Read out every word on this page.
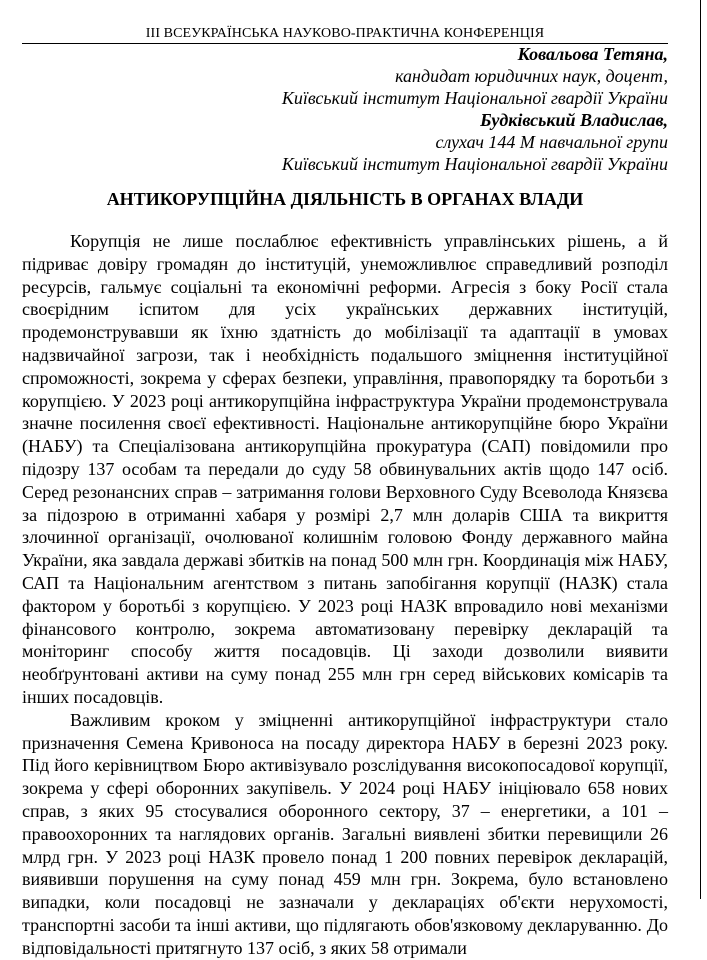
ІІІ ВСЕУКРАЇНСЬКА НАУКОВО-ПРАКТИЧНА КОНФЕРЕНЦІЯ
Ковальова Тетяна,
кандидат юридичних наук, доцент,
Київський інститут Національної гвардії України
Будківський Владислав,
слухач 144 М навчальної групи
Київський інститут Національної гвардії України
АНТИКОРУПЦІЙНА ДІЯЛЬНІСТЬ В ОРГАНАХ ВЛАДИ

Корупція не лише послаблює ефективність управлінських рішень, а й підриває довіру громадян до інституцій, унеможливлює справедливий розподіл ресурсів, гальмує соціальні та економічні реформи. Агресія з боку Росії стала своєрідним іспитом для усіх українських державних інституцій, продемонструвавши як їхню здатність до мобілізації та адаптації в умовах надзвичайної загрози, так і необхідність подальшого зміцнення інституційної спроможності, зокрема у сферах безпеки, управління, правопорядку та боротьби з корупцією. У 2023 році антикорупційна інфраструктура України продемонструвала значне посилення своєї ефективності. Національне антикорупційне бюро України (НАБУ) та Спеціалізована антикорупційна прокуратура (САП) повідомили про підозру 137 особам та передали до суду 58 обвинувальних актів щодо 147 осіб. Серед резонансних справ – затримання голови Верховного Суду Всеволода Князєва за підозрою в отриманні хабаря у розмірі 2,7 млн доларів США та викриття злочинної організації, очолюваної колишнім головою Фонду державного майна України, яка завдала державі збитків на понад 500 млн грн. Координація між НАБУ, САП та Національним агентством з питань запобігання корупції (НАЗК) стала фактором у боротьбі з корупцією. У 2023 році НАЗК впровадило нові механізми фінансового контролю, зокрема автоматизовану перевірку декларацій та моніторинг способу життя посадовців. Ці заходи дозволили виявити необґрунтовані активи на суму понад 255 млн грн серед військових комісарів та інших посадовців.

Важливим кроком у зміцненні антикорупційної інфраструктури стало призначення Семена Кривоноса на посаду директора НАБУ в березні 2023 року. Під його керівництвом Бюро активізувало розслідування високопосадової корупції, зокрема у сфері оборонних закупівель. У 2024 році НАБУ ініціювало 658 нових справ, з яких 95 стосувалися оборонного сектору, 37 – енергетики, а 101 – правоохоронних та наглядових органів. Загальні виявлені збитки перевищили 26 млрд грн. У 2023 році НАЗК провело понад 1 200 повних перевірок декларацій, виявивши порушення на суму понад 459 млн грн. Зокрема, було встановлено випадки, коли посадовці не зазначали у деклараціях об'єкти нерухомості, транспортні засоби та інші активи, що підлягають обов'язковому декларуванню. До відповідальності притягнуто 137 осіб, з яких 58 отримали
